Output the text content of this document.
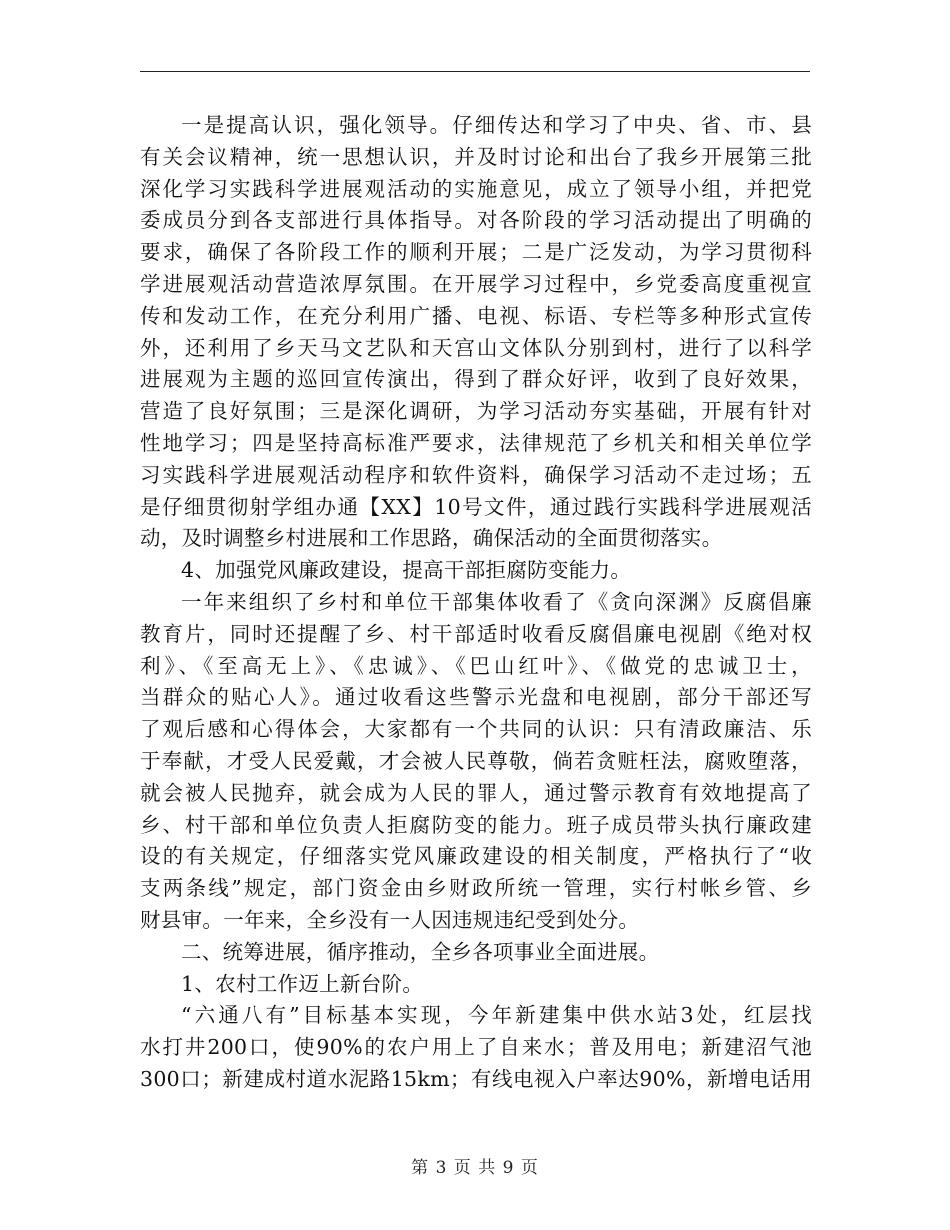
一是提高认识，强化领导。仔细传达和学习了中央、省、市、县
有关会议精神，统一思想认识，并及时讨论和出台了我乡开展第三批
深化学习实践科学进展观活动的实施意见，成立了领导小组，并把党
委成员分到各支部进行具体指导。对各阶段的学习活动提出了明确的
要求，确保了各阶段工作的顺利开展；二是广泛发动，为学习贯彻科
学进展观活动营造浓厚氛围。在开展学习过程中，乡党委高度重视宣
传和发动工作，在充分利用广播、电视、标语、专栏等多种形式宣传
外，还利用了乡天马文艺队和天宫山文体队分别到村，进行了以科学
进展观为主题的巡回宣传演出，得到了群众好评，收到了良好效果，
营造了良好氛围；三是深化调研，为学习活动夯实基础，开展有针对
性地学习；四是坚持高标准严要求，法律规范了乡机关和相关单位学
习实践科学进展观活动程序和软件资料，确保学习活动不走过场；五
是仔细贯彻射学组办通【XX】10号文件，通过践行实践科学进展观活
动，及时调整乡村进展和工作思路，确保活动的全面贯彻落实。
4、加强党风廉政建设，提高干部拒腐防变能力。
一年来组织了乡村和单位干部集体收看了《贪向深渊》反腐倡廉
教育片，同时还提醒了乡、村干部适时收看反腐倡廉电视剧《绝对权
利》、《至高无上》、《忠诚》、《巴山红叶》、《做党的忠诚卫士，
当群众的贴心人》。通过收看这些警示光盘和电视剧，部分干部还写
了观后感和心得体会，大家都有一个共同的认识：只有清政廉洁、乐
于奉献，才受人民爱戴，才会被人民尊敬，倘若贪赃枉法，腐败堕落，
就会被人民抛弃，就会成为人民的罪人，通过警示教育有效地提高了
乡、村干部和单位负责人拒腐防变的能力。班子成员带头执行廉政建
设的有关规定，仔细落实党风廉政建设的相关制度，严格执行了“收
支两条线”规定，部门资金由乡财政所统一管理，实行村帐乡管、乡
财县审。一年来，全乡没有一人因违规违纪受到处分。
二、统筹进展，循序推动，全乡各项事业全面进展。
1、农村工作迈上新台阶。
“六通八有”目标基本实现，今年新建集中供水站3处，红层找
水打井200口，使90%的农户用上了自来水；普及用电；新建沼气池
300口；新建成村道水泥路15km；有线电视入户率达90%，新增电话用
第 3 页 共 9 页
